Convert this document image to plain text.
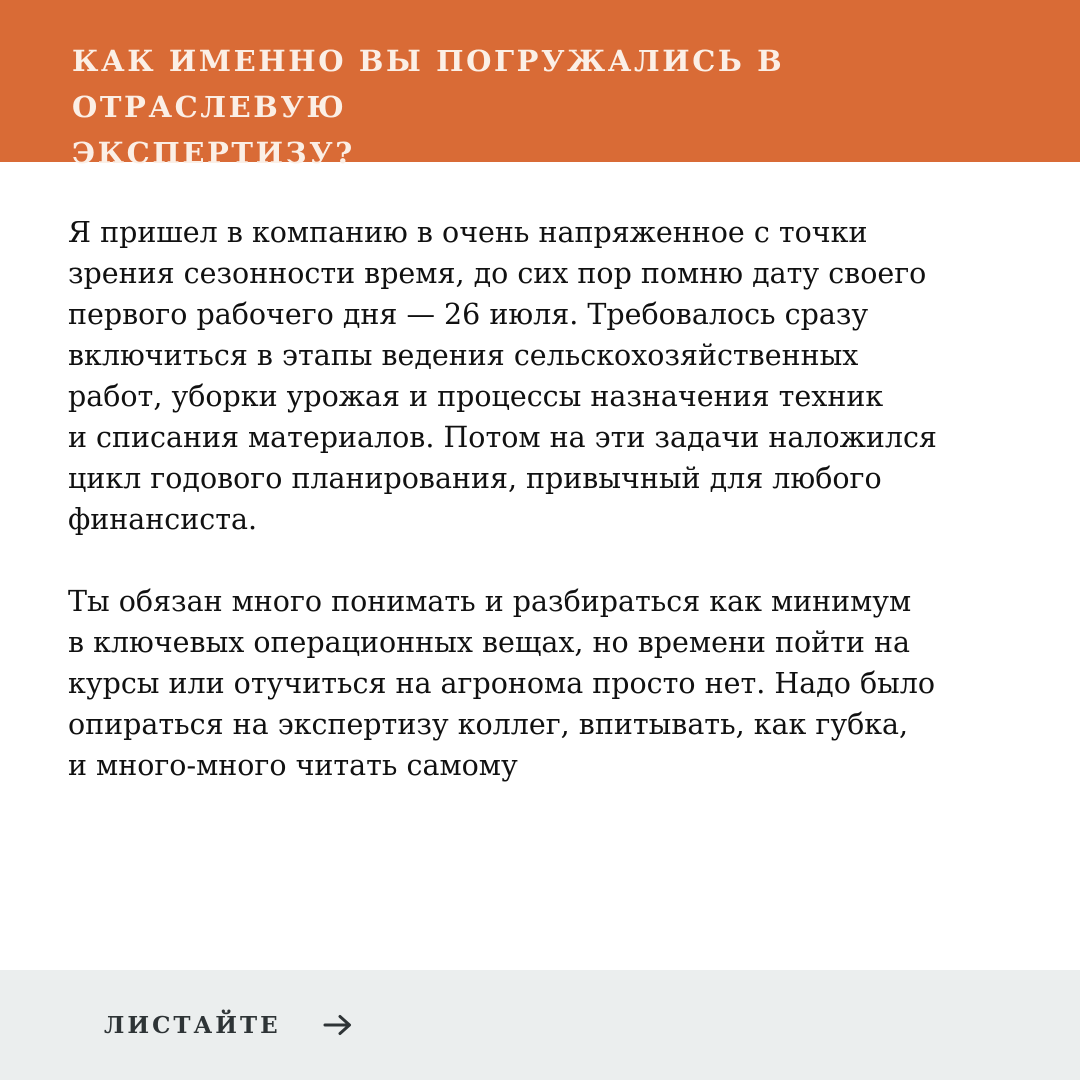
КАК ИМЕННО ВЫ ПОГРУЖАЛИСЬ В ОТРАСЛЕВУЮ
ЭКСПЕРТИЗУ?

Я пришел в компанию в очень напряженное с точки
зрения сезонности время, до сих пор помню дату своего
первого рабочего дня — 26 июля. Требовалось сразу
включиться в этапы ведения сельскохозяйственных
работ, уборки урожая и процессы назначения техник
и списания материалов. Потом на эти задачи наложился
цикл годового планирования, привычный для любого
финансиста.

Ты обязан много понимать и разбираться как минимум
в ключевых операционных вещах, но времени пойти на
курсы или отучиться на агронома просто нет. Надо было
опираться на экспертизу коллег, впитывать, как губка,
и много-много читать самому

ЛИСТАЙТЕ
